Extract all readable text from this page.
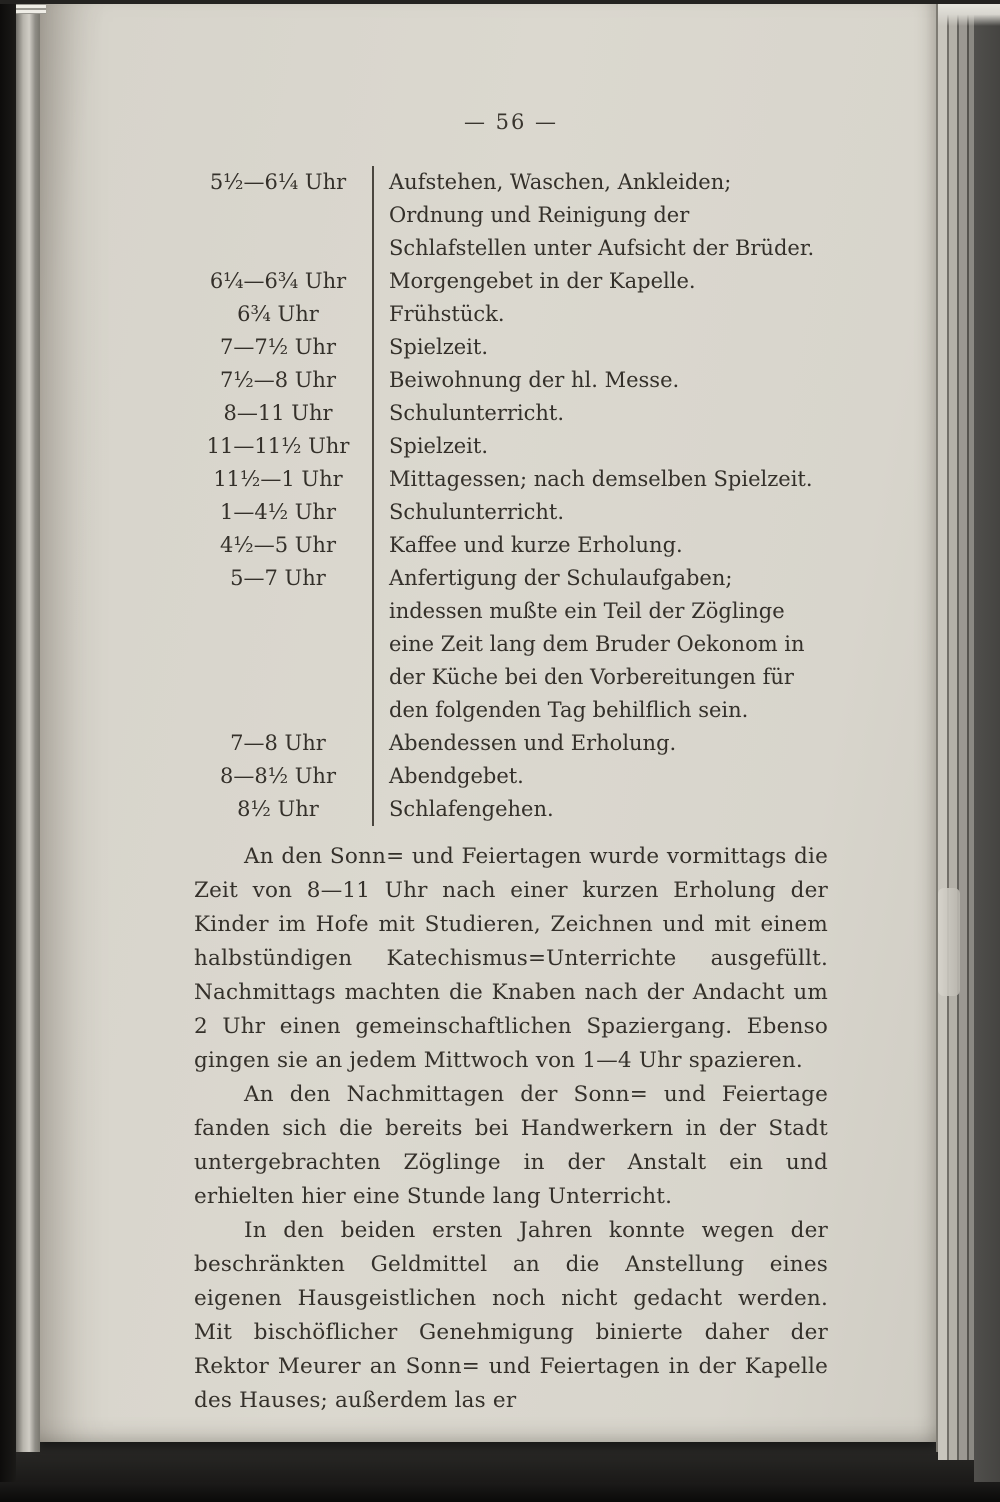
— 56 —
5½—6¼ Uhr	Aufstehen, Waschen, Ankleiden; Ordnung und Reinigung der Schlafstellen unter Aufsicht der Brüder.
6¼—6¾ Uhr	Morgengebet in der Kapelle.
6¾ Uhr	Frühstück.
7—7½ Uhr	Spielzeit.
7½—8 Uhr	Beiwohnung der hl. Messe.
8—11 Uhr	Schulunterricht.
11—11½ Uhr	Spielzeit.
11½—1 Uhr	Mittagessen; nach demselben Spielzeit.
1—4½ Uhr	Schulunterricht.
4½—5 Uhr	Kaffee und kurze Erholung.
5—7 Uhr	Anfertigung der Schulaufgaben; indessen mußte ein Teil der Zöglinge eine Zeit lang dem Bruder Oekonom in der Küche bei den Vorbereitungen für den folgenden Tag behilflich sein.
7—8 Uhr	Abendessen und Erholung.
8—8½ Uhr	Abendgebet.
8½ Uhr	Schlafengehen.

An den Sonn= und Feiertagen wurde vormittags die Zeit von 8—11 Uhr nach einer kurzen Erholung der Kinder im Hofe mit Studieren, Zeichnen und mit einem halbstündigen Katechismus=Unterrichte ausgefüllt. Nachmittags machten die Knaben nach der Andacht um 2 Uhr einen gemeinschaftlichen Spaziergang. Ebenso gingen sie an jedem Mittwoch von 1—4 Uhr spazieren.

An den Nachmittagen der Sonn= und Feiertage fanden sich die bereits bei Handwerkern in der Stadt untergebrachten Zöglinge in der Anstalt ein und erhielten hier eine Stunde lang Unterricht.

In den beiden ersten Jahren konnte wegen der beschränkten Geldmittel an die Anstellung eines eigenen Hausgeistlichen noch nicht gedacht werden. Mit bischöflicher Genehmigung binierte daher der Rektor Meurer an Sonn= und Feiertagen in der Kapelle des Hauses; außerdem las er
